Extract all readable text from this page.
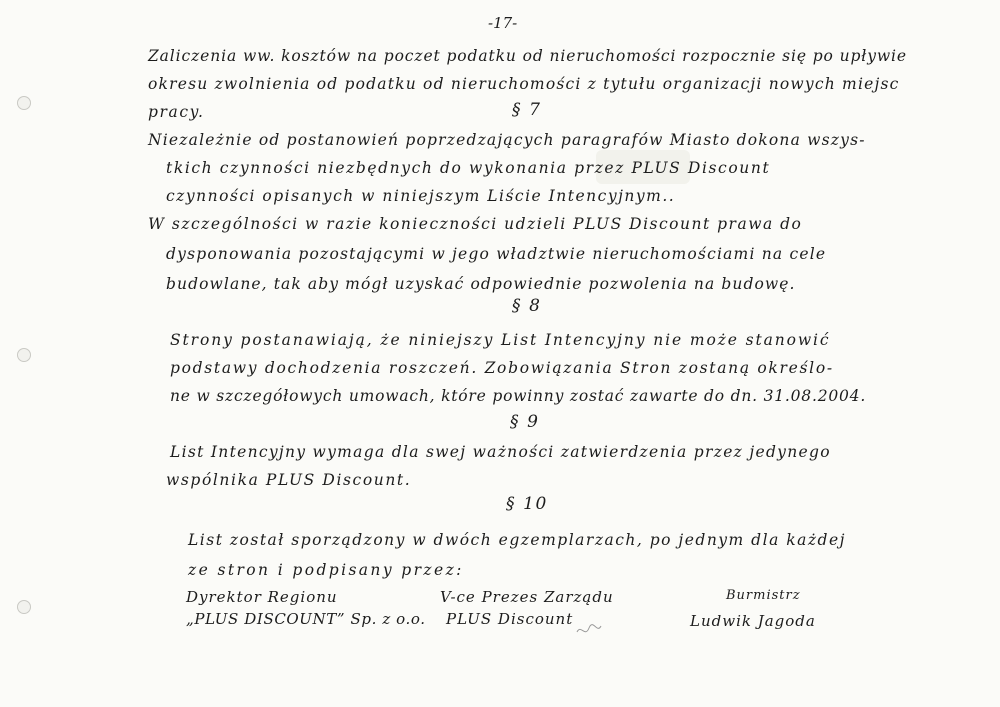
-17-
Zaliczenia ww. kosztów na poczet podatku od nieruchomości rozpocznie się po upływie
okresu zwolnienia od podatku od nieruchomości z tytułu organizacji nowych miejsc
pracy.	§ 7
Niezależnie od postanowień poprzedzających paragrafów Miasto dokona wszys-
tkich czynności niezbędnych do wykonania przez PLUS Discount
czynności opisanych w niniejszym Liście Intencyjnym..
W szczególności w razie konieczności udzieli PLUS Discount prawa do
dysponowania pozostającymi w jego władztwie nieruchomościami na cele
budowlane, tak aby mógł uzyskać odpowiednie pozwolenia na budowę.
§ 8
Strony postanawiają, że niniejszy List Intencyjny nie może stanowić
podstawy dochodzenia roszczeń. Zobowiązania Stron zostaną określo-
ne w szczegółowych umowach, które powinny zostać zawarte do dn. 31.08.2004.
§ 9
List Intencyjny wymaga dla swej ważności zatwierdzenia przez jedynego
wspólnika PLUS Discount.
§ 10
List został sporządzony w dwóch egzemplarzach, po jednym dla każdej
ze stron i podpisany przez:
Dyrektor Regionu
„PLUS DISCOUNT” Sp. z o.o.
V-ce Prezes Zarządu
PLUS Discount
Burmistrz
Ludwik Jagoda
